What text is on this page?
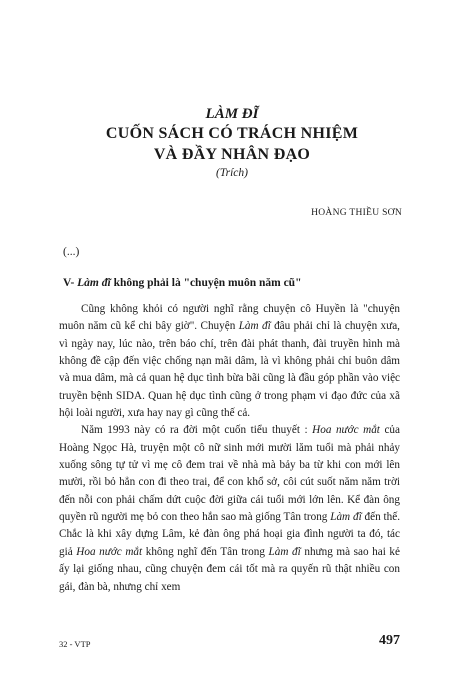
LÀM ĐĨ
CUỐN SÁCH CÓ TRÁCH NHIỆM
VÀ ĐẦY NHÂN ĐẠO
(Trích)
HOÀNG THIỀU SƠN
(...)
V- Làm đĩ không phải là "chuyện muôn năm cũ"

Cũng không khỏi có người nghĩ rằng chuyện cô Huyền là "chuyện muôn năm cũ kể chi bây giờ". Chuyện Làm đĩ đâu phải chỉ là chuyện xưa, vì ngày nay, lúc nào, trên báo chí, trên đài phát thanh, đài truyền hình mà không đề cập đến việc chống nạn mãi dâm, là vì không phải chỉ buôn dâm và mua dâm, mà cả quan hệ dục tình bừa bãi cũng là đầu góp phần vào việc truyền bệnh SIDA. Quan hệ dục tình cũng ở trong phạm vi đạo đức của xã hội loài người, xưa hay nay gì cũng thế cả.

Năm 1993 này có ra đời một cuốn tiểu thuyết : Hoa nước mắt của Hoàng Ngọc Hà, truyện một cô nữ sinh mới mười lăm tuổi mà phải nhảy xuống sông tự tử vì mẹ cô đem trai về nhà mà bảy ba từ khi con mới lên mười, rồi bỏ hẳn con đi theo trai, để con khổ sở, côi cút suốt năm năm trời đến nỗi con phải chấm dứt cuộc đời giữa cái tuổi mới lớn lên. Kể đàn ông quyền rũ người mẹ bỏ con theo hắn sao mà giống Tân trong Làm đĩ đến thế. Chắc là khi xây dựng Lâm, kẻ đàn ông phá hoại gia đình người ta đó, tác giả Hoa nước mắt không nghĩ đến Tân trong Làm đĩ nhưng mà sao hai kẻ ấy lại giống nhau, cũng chuyện đem cái tốt mà ra quyến rũ thật nhiều con gái, đàn bà, nhưng chỉ xem

32 - VTP	497
